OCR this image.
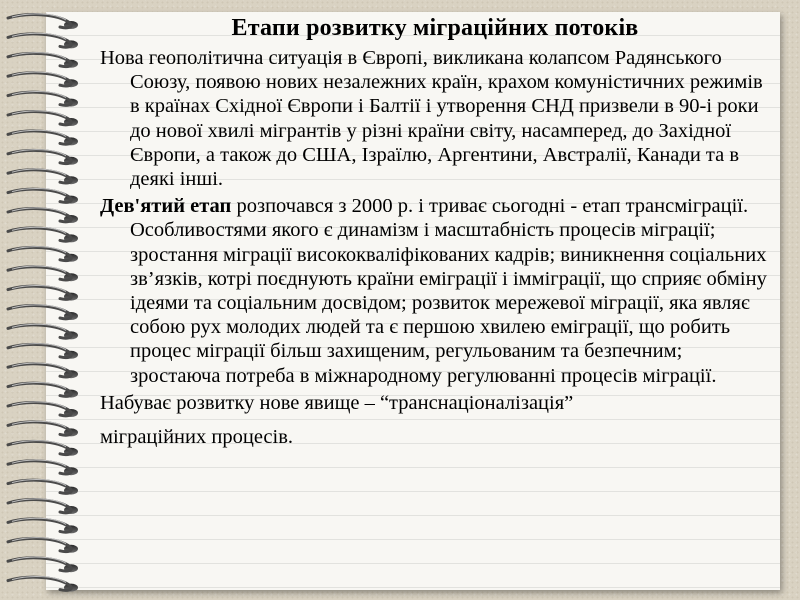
Етапи розвитку міграційних потоків

Нова геополітична ситуація в Європі, викликана колапсом Радянського Союзу, появою нових незалежних країн, крахом комуністичних режимів в країнах Східної Європи і Балтії і утворення СНД призвели в 90-і роки до нової хвилі мігрантів у різні країни світу, насамперед, до Західної Європи, а також до США, Ізраїлю, Аргентини, Австралії, Канади та в деякі інші.

Дев'ятий етап розпочався з 2000 р. і триває сьогодні - етап трансміграції. Особливостями якого є динамізм і масштабність процесів міграції; зростання міграції висококваліфікованих кадрів; виникнення соціальних зв’язків, котрі поєднують країни еміграції і імміграції, що сприяє обміну ідеями та соціальним досвідом; розвиток мережевої міграції, яка являє собою рух молодих людей та є першою хвилею еміграції, що робить процес міграції більш захищеним, регульованим та безпечним; зростаюча потреба в міжнародному регулюванні процесів міграції.

Набуває розвитку нове явище – “транснаціоналізація”
міграційних процесів.
